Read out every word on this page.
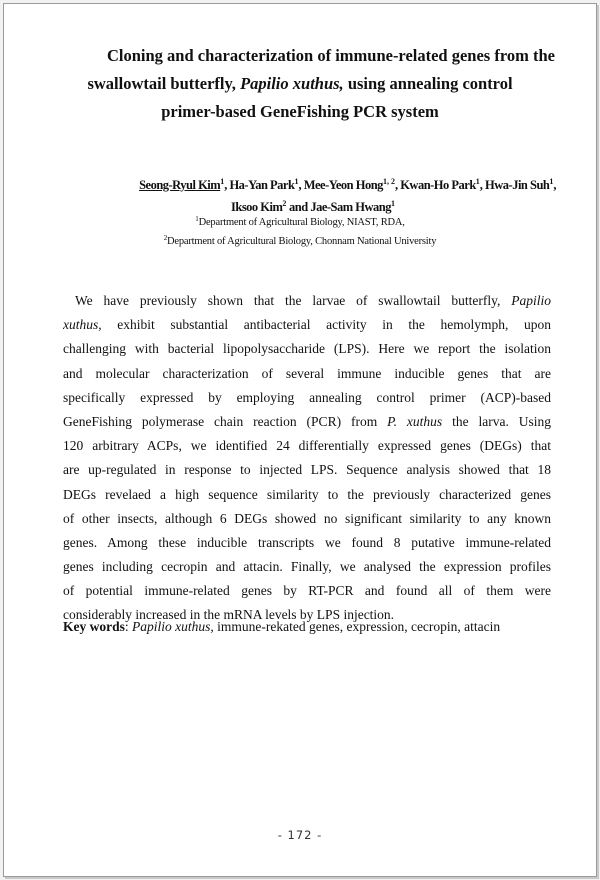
Cloning and characterization of immune-related genes from the
swallowtail butterfly, Papilio xuthus, using annealing control
primer-based GeneFishing PCR system
Seong-Ryul Kim$^1$, Ha-Yan Park$^1$, Mee-Yeon Hong$^{1, 2}$, Kwan-Ho Park$^1$, Hwa-Jin Suh$^1$,
Iksoo Kim$^2$ and Jae-Sam Hwang$^1$
$^1$Department of Agricultural Biology, NIAST, RDA,
$^2$Department of Agricultural Biology, Chonnam National University
We have previously shown that the larvae of swallowtail butterfly, Papilio
xuthus, exhibit substantial antibacterial activity in the hemolymph, upon
challenging with bacterial lipopolysaccharide (LPS). Here we report the isolation
and molecular characterization of several immune inducible genes that are
specifically expressed by employing annealing control primer (ACP)-based
GeneFishing polymerase chain reaction (PCR) from P. xuthus the larva. Using
120 arbitrary ACPs, we identified 24 differentially expressed genes (DEGs) that
are up-regulated in response to injected LPS. Sequence analysis showed that 18
DEGs revelaed a high sequence similarity to the previously characterized genes
of other insects, although 6 DEGs showed no significant similarity to any known
genes. Among these inducible transcripts we found 8 putative immune-related
genes including cecropin and attacin. Finally, we analysed the expression profiles
of potential immune-related genes by RT-PCR and found all of them were
considerably increased in the mRNA levels by LPS injection.
Key words: Papilio xuthus, immune-rekated genes, expression, cecropin, attacin
- 172 -
